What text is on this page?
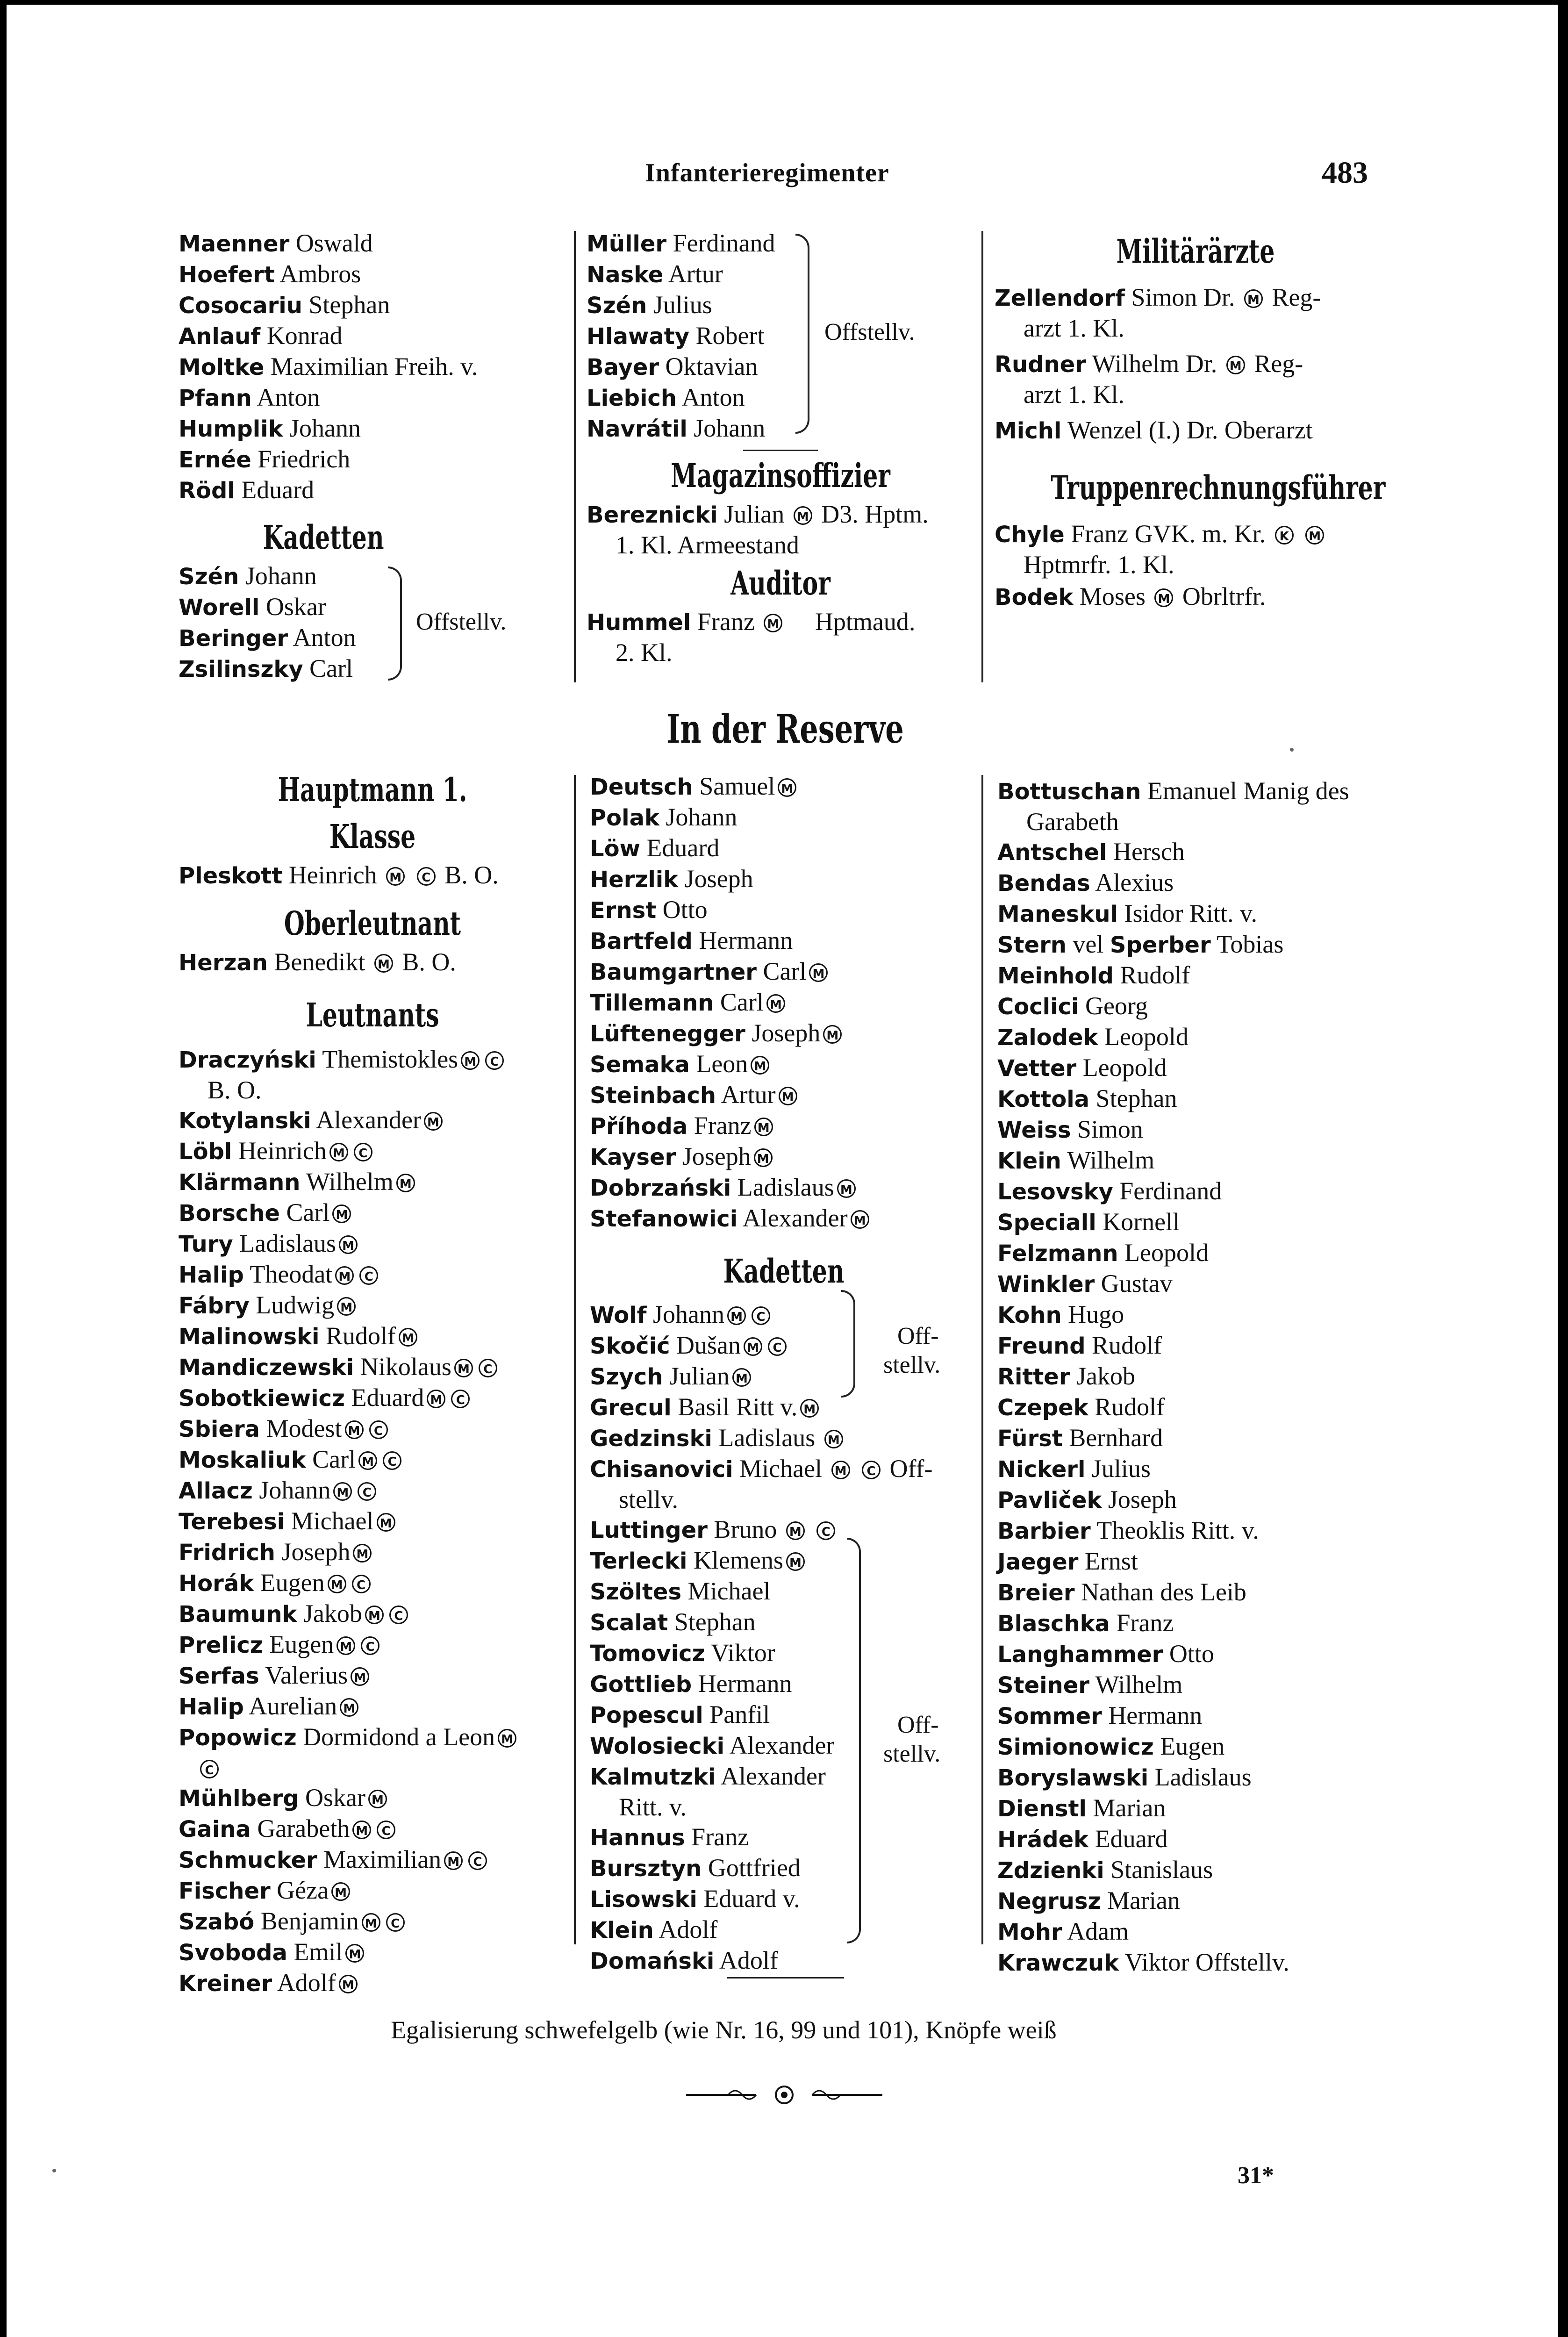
Infanterieregimenter	483
Maenner Oswald
Hoefert Ambros
Cosocariu Stephan
Anlauf Konrad
Moltke Maximilian Freih. v.
Pfann Anton
Humplik Johann
Ernée Friedrich
Rödl Eduard
Kadetten
Szén Johann
Worell Oskar
Beringer Anton
Zsilinszky Carl
Offstellv.
Müller Ferdinand
Naske Artur
Szén Julius
Hlawaty Robert
Bayer Oktavian
Liebich Anton
Navrátil Johann
Offstellv.
Magazinsoffizier
Bereznicki Julian M D3. Hptm.
1. Kl. Armeestand
Auditor
Hummel Franz M Hptmaud.
2. Kl.
Militärärzte
Zellendorf Simon Dr. M Reg-
arzt 1. Kl.
Rudner Wilhelm Dr. M Reg-
arzt 1. Kl.
Michl Wenzel (I.) Dr. Oberarzt
Truppenrechnungsführer
Chyle Franz GVK. m. Kr. K M
Hptmrfr. 1. Kl.
Bodek Moses M Obrltrfr.
In der Reserve
Hauptmann 1. Klasse
Pleskott Heinrich M C B. O.
Oberleutnant
Herzan Benedikt M B. O.
Leutnants
Draczyński Themistokles M C
B. O.
Kotylanski Alexander M
Löbl Heinrich M C
Klärmann Wilhelm M
Borsche Carl M
Tury Ladislaus M
Halip Theodat M C
Fábry Ludwig M
Malinowski Rudolf M
Mandiczewski Nikolaus M C
Sobotkiewicz Eduard M C
Sbiera Modest M C
Moskaliuk Carl M C
Allacz Johann M C
Terebesi Michael M
Fridrich Joseph M
Horák Eugen M C
Baumunk Jakob M C
Prelicz Eugen M C
Serfas Valerius M
Halip Aurelian M
Popowicz Dormidond a Leon M
C
Mühlberg Oskar M
Gaina Garabeth M C
Schmucker Maximilian M C
Fischer Géza M
Szabó Benjamin M C
Svoboda Emil M
Kreiner Adolf M
Deutsch Samuel M
Polak Johann
Löw Eduard
Herzlik Joseph
Ernst Otto
Bartfeld Hermann
Baumgartner Carl M
Tillemann Carl M
Lüftenegger Joseph M
Semaka Leon M
Steinbach Artur M
Příhoda Franz M
Kayser Joseph M
Dobrzański Ladislaus M
Stefanowici Alexander M
Kadetten
Wolf Johann M C
Skočić Dušan M C
Szych Julian M
Grecul Basil Ritt v. M
Gedzinski Ladislaus M
Chisanovici Michael M C Off-
stellv.
Luttinger Bruno M C
Terlecki Klemens M
Szöltes Michael
Scalat Stephan
Tomovicz Viktor
Gottlieb Hermann
Popescul Panfil
Wolosiecki Alexander
Kalmutzki Alexander
Ritt. v.
Hannus Franz
Bursztyn Gottfried
Lisowski Eduard v.
Klein Adolf
Domański Adolf
Off-
stellv.
Off-
stellv.
Bottuschan Emanuel Manig des
Garabeth
Antschel Hersch
Bendas Alexius
Maneskul Isidor Ritt. v.
Stern vel Sperber Tobias
Meinhold Rudolf
Coclici Georg
Zalodek Leopold
Vetter Leopold
Kottola Stephan
Weiss Simon
Klein Wilhelm
Lesovsky Ferdinand
Speciall Kornell
Felzmann Leopold
Winkler Gustav
Kohn Hugo
Freund Rudolf
Ritter Jakob
Czepek Rudolf
Fürst Bernhard
Nickerl Julius
Pavliček Joseph
Barbier Theoklis Ritt. v.
Jaeger Ernst
Breier Nathan des Leib
Blaschka Franz
Langhammer Otto
Steiner Wilhelm
Sommer Hermann
Simionowicz Eugen
Boryslawski Ladislaus
Dienstl Marian
Hrádek Eduard
Zdzienki Stanislaus
Negrusz Marian
Mohr Adam
Krawczuk Viktor Offstellv.
Egalisierung schwefelgelb (wie Nr. 16, 99 und 101), Knöpfe weiß
31*
